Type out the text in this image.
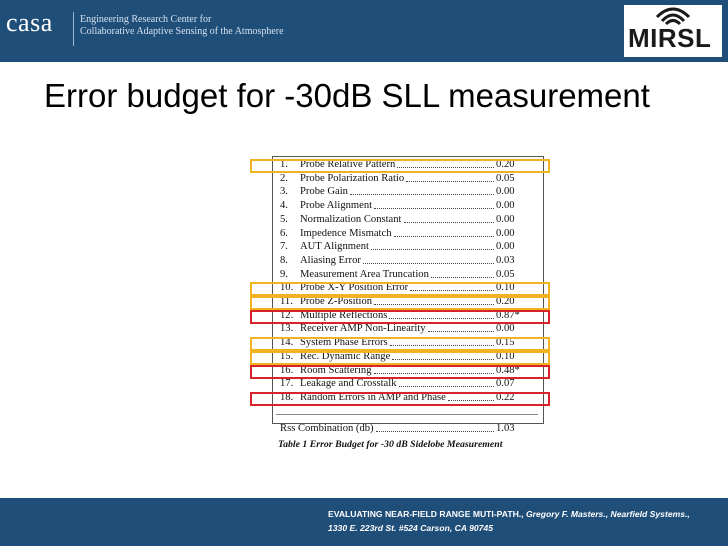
casa	Engineering Research Center for
Collaborative Adaptive Sensing of the Atmosphere	MIRSL
Error budget for -30dB SLL measurement
1.	Probe Relative Pattern	0.20
2.	Probe Polarization Ratio	0.05
3.	Probe Gain	0.00
4.	Probe Alignment	0.00
5.	Normalization Constant	0.00
6.	Impedence Mismatch	0.00
7.	AUT Alignment	0.00
8.	Aliasing Error	0.03
9.	Measurement Area Truncation	0.05
10. Probe X-Y Position Error	0.10
11. Probe Z-Position	0.20
12. Multiple Reflections	0.87*
13. Receiver AMP Non-Linearity	0.00
14. System Phase Errors	0.15
15. Rec. Dynamic Range	0.10
16. Room Scattering	0.48*
17. Leakage and Crosstalk	0.07
18. Random Errors in AMP and Phase	0.22
Rss Combination (db)	1.03
Table 1 Error Budget for -30 dB Sidelobe Measurement
EVALUATING NEAR-FIELD RANGE MUTI-PATH., Gregory F. Masters., Nearfield Systems.,
1330 E. 223rd St. #524 Carson, CA 90745
